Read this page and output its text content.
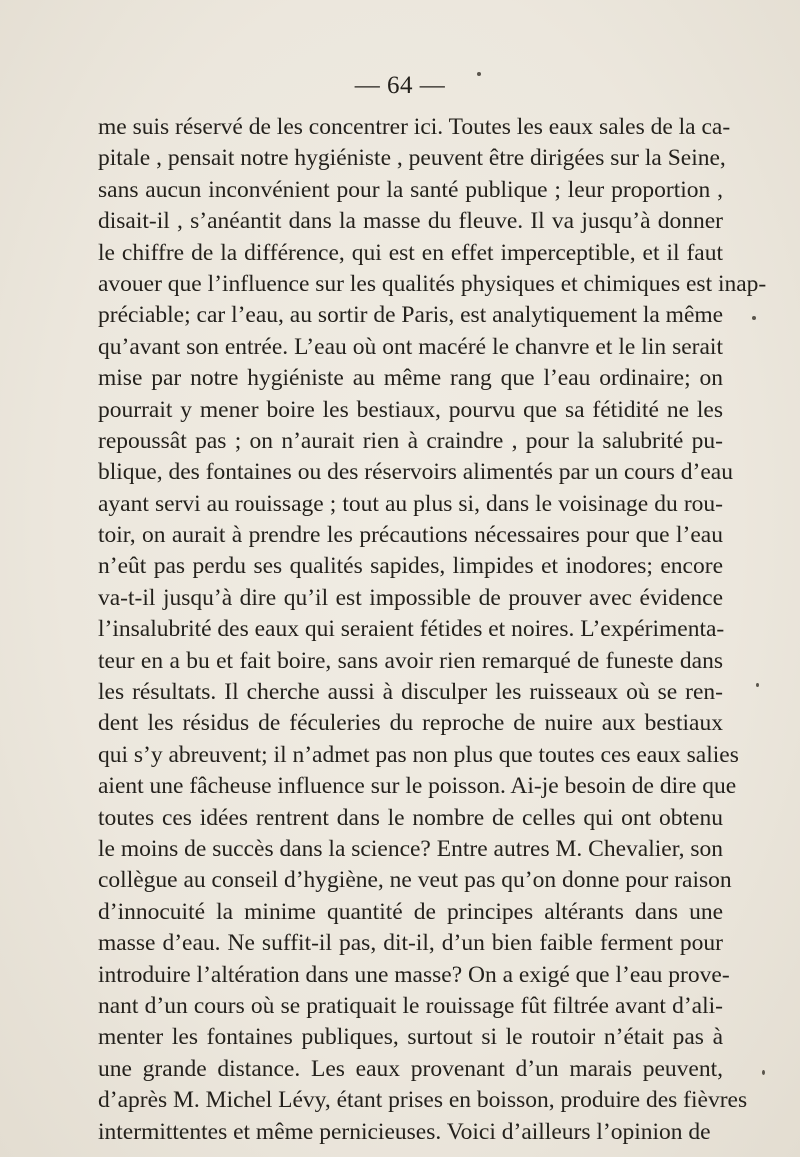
— 64 —
me suis réservé de les concentrer ici. Toutes les eaux sales de la ca-
pitale , pensait notre hygiéniste , peuvent être dirigées sur la Seine,
sans aucun inconvénient pour la santé publique ; leur proportion ,
disait-il , s’anéantit dans la masse du fleuve. Il va jusqu’à donner
le chiffre de la différence, qui est en effet imperceptible, et il faut
avouer que l’influence sur les qualités physiques et chimiques est inap-
préciable; car l’eau, au sortir de Paris, est analytiquement la même
qu’avant son entrée. L’eau où ont macéré le chanvre et le lin serait
mise par notre hygiéniste au même rang que l’eau ordinaire; on
pourrait y mener boire les bestiaux, pourvu que sa fétidité ne les
repoussât pas ; on n’aurait rien à craindre , pour la salubrité pu-
blique, des fontaines ou des réservoirs alimentés par un cours d’eau
ayant servi au rouissage ; tout au plus si, dans le voisinage du rou-
toir, on aurait à prendre les précautions nécessaires pour que l’eau
n’eût pas perdu ses qualités sapides, limpides et inodores; encore
va-t-il jusqu’à dire qu’il est impossible de prouver avec évidence
l’insalubrité des eaux qui seraient fétides et noires. L’expérimenta-
teur en a bu et fait boire, sans avoir rien remarqué de funeste dans
les résultats. Il cherche aussi à disculper les ruisseaux où se ren-
dent les résidus de féculeries du reproche de nuire aux bestiaux
qui s’y abreuvent; il n’admet pas non plus que toutes ces eaux salies
aient une fâcheuse influence sur le poisson. Ai-je besoin de dire que
toutes ces idées rentrent dans le nombre de celles qui ont obtenu
le moins de succès dans la science? Entre autres M. Chevalier, son
collègue au conseil d’hygiène, ne veut pas qu’on donne pour raison
d’innocuité la minime quantité de principes altérants dans une
masse d’eau. Ne suffit-il pas, dit-il, d’un bien faible ferment pour
introduire l’altération dans une masse? On a exigé que l’eau prove-
nant d’un cours où se pratiquait le rouissage fût filtrée avant d’ali-
menter les fontaines publiques, surtout si le routoir n’était pas à
une grande distance. Les eaux provenant d’un marais peuvent,
d’après M. Michel Lévy, étant prises en boisson, produire des fièvres
intermittentes et même pernicieuses. Voici d’ailleurs l’opinion de
